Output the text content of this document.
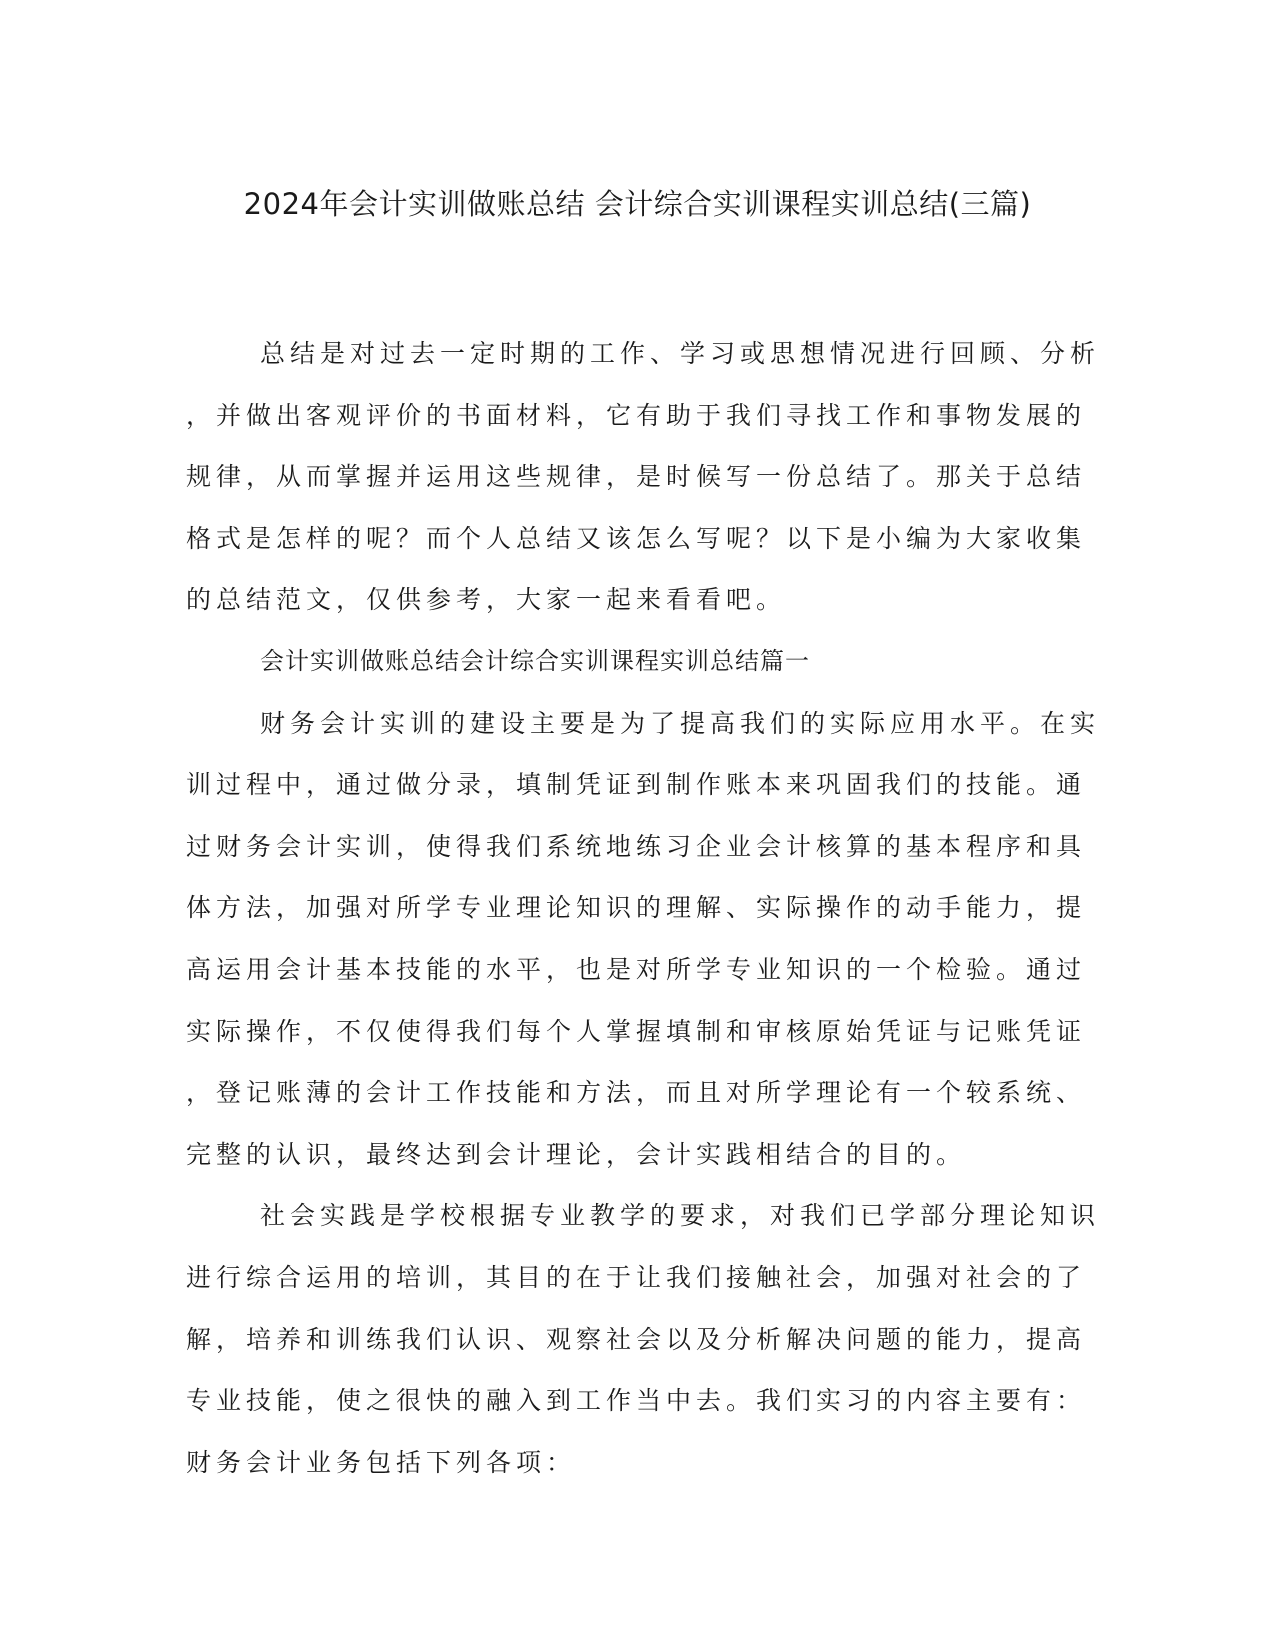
2024年会计实训做账总结 会计综合实训课程实训总结(三篇)
总结是对过去一定时期的工作、学习或思想情况进行回顾、分析
，并做出客观评价的书面材料，它有助于我们寻找工作和事物发展的
规律，从而掌握并运用这些规律，是时候写一份总结了。那关于总结
格式是怎样的呢？而个人总结又该怎么写呢？以下是小编为大家收集
的总结范文，仅供参考，大家一起来看看吧。
会计实训做账总结会计综合实训课程实训总结篇一
财务会计实训的建设主要是为了提高我们的实际应用水平。在实
训过程中，通过做分录，填制凭证到制作账本来巩固我们的技能。通
过财务会计实训，使得我们系统地练习企业会计核算的基本程序和具
体方法，加强对所学专业理论知识的理解、实际操作的动手能力，提
高运用会计基本技能的水平，也是对所学专业知识的一个检验。通过
实际操作，不仅使得我们每个人掌握填制和审核原始凭证与记账凭证
，登记账薄的会计工作技能和方法，而且对所学理论有一个较系统、
完整的认识，最终达到会计理论，会计实践相结合的目的。
社会实践是学校根据专业教学的要求，对我们已学部分理论知识
进行综合运用的培训，其目的在于让我们接触社会，加强对社会的了
解，培养和训练我们认识、观察社会以及分析解决问题的能力，提高
专业技能，使之很快的融入到工作当中去。我们实习的内容主要有：
财务会计业务包括下列各项：
